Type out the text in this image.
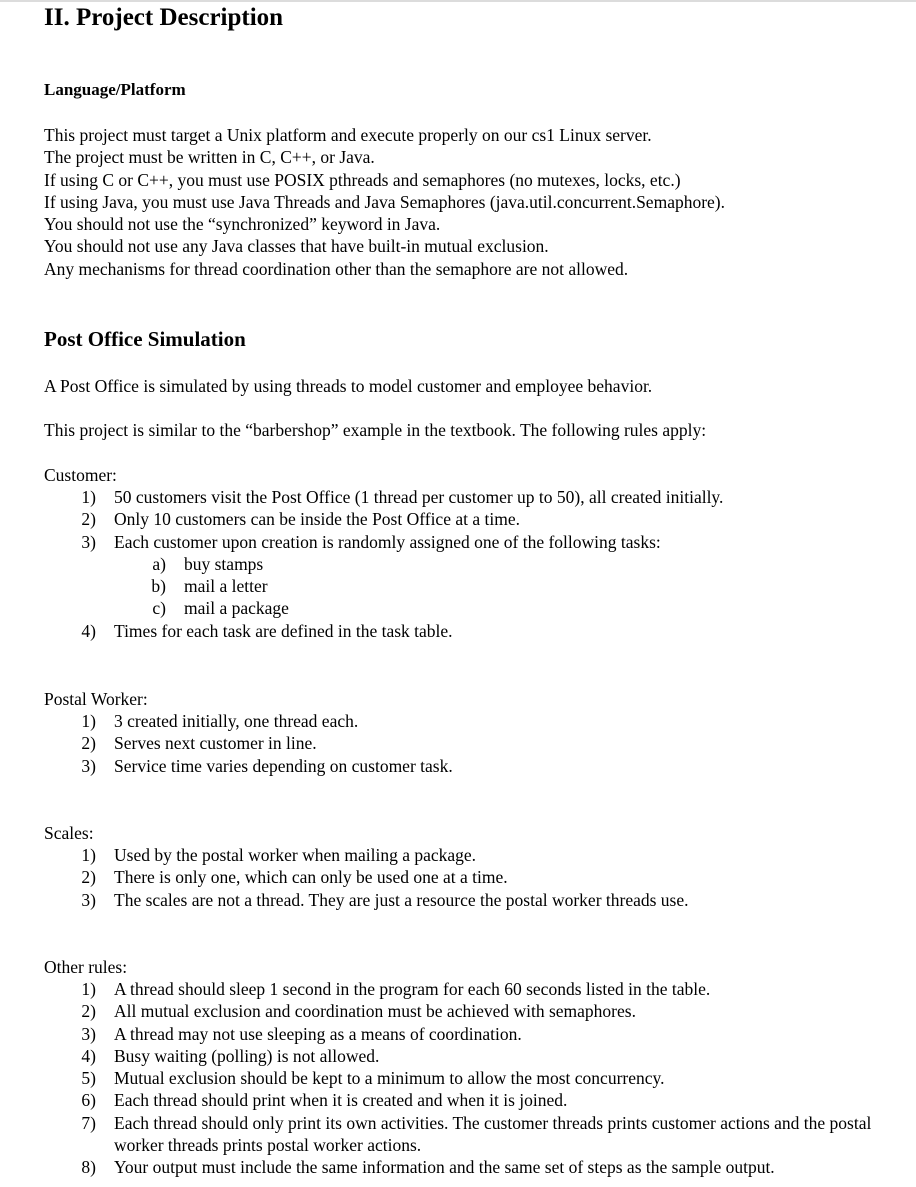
II. Project Description
Language/Platform
This project must target a Unix platform and execute properly on our cs1 Linux server.
The project must be written in C, C++, or Java.
If using C or C++, you must use POSIX pthreads and semaphores (no mutexes, locks, etc.)
If using Java, you must use Java Threads and Java Semaphores (java.util.concurrent.Semaphore).
You should not use the “synchronized” keyword in Java.
You should not use any Java classes that have built-in mutual exclusion.
Any mechanisms for thread coordination other than the semaphore are not allowed.
Post Office Simulation
A Post Office is simulated by using threads to model customer and employee behavior.
This project is similar to the “barbershop” example in the textbook. The following rules apply:
Customer:
1) 50 customers visit the Post Office (1 thread per customer up to 50), all created initially.
2) Only 10 customers can be inside the Post Office at a time.
3) Each customer upon creation is randomly assigned one of the following tasks:
a) buy stamps
b) mail a letter
c) mail a package
4) Times for each task are defined in the task table.
Postal Worker:
1) 3 created initially, one thread each.
2) Serves next customer in line.
3) Service time varies depending on customer task.
Scales:
1) Used by the postal worker when mailing a package.
2) There is only one, which can only be used one at a time.
3) The scales are not a thread. They are just a resource the postal worker threads use.
Other rules:
1) A thread should sleep 1 second in the program for each 60 seconds listed in the table.
2) All mutual exclusion and coordination must be achieved with semaphores.
3) A thread may not use sleeping as a means of coordination.
4) Busy waiting (polling) is not allowed.
5) Mutual exclusion should be kept to a minimum to allow the most concurrency.
6) Each thread should print when it is created and when it is joined.
7) Each thread should only print its own activities. The customer threads prints customer actions and the postal worker threads prints postal worker actions.
8) Your output must include the same information and the same set of steps as the sample output.
